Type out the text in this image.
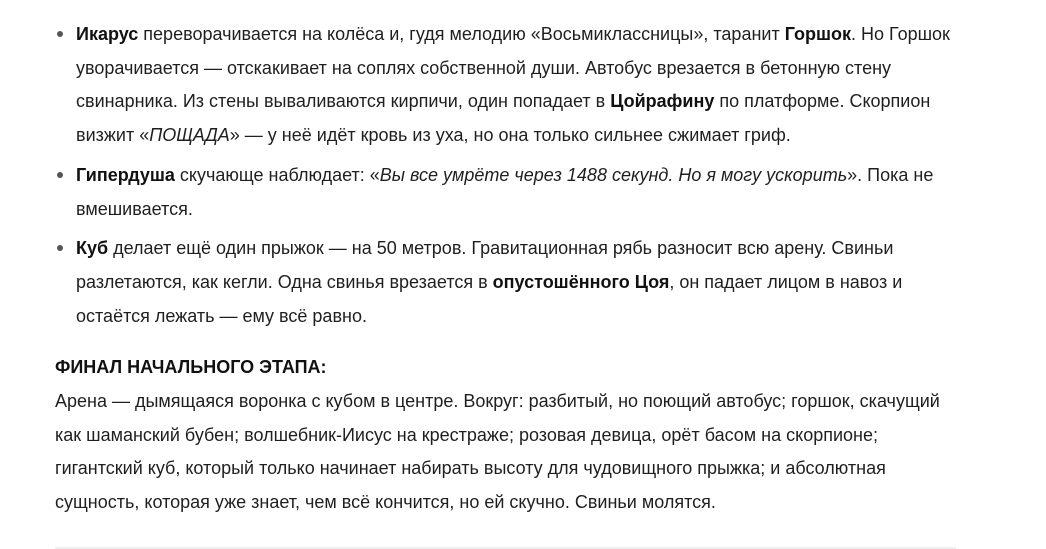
Икарус переворачивается на колёса и, гудя мелодию «Восьмиклассницы», таранит Горшок. Но Горшок уворачивается — отскакивает на соплях собственной души. Автобус врезается в бетонную стену свинарника. Из стены вываливаются кирпичи, один попадает в Цойрафину по платформе. Скорпион визжит «ПОЩАДА» — у неё идёт кровь из уха, но она только сильнее сжимает гриф.
Гипердуша скучающе наблюдает: «Вы все умрёте через 1488 секунд. Но я могу ускорить». Пока не вмешивается.
Куб делает ещё один прыжок — на 50 метров. Гравитационная рябь разносит всю арену. Свиньи разлетаются, как кегли. Одна свинья врезается в опустошённого Цоя, он падает лицом в навоз и остаётся лежать — ему всё равно.
ФИНАЛ НАЧАЛЬНОГО ЭТАПА:

Арена — дымящаяся воронка с кубом в центре. Вокруг: разбитый, но поющий автобус; горшок, скачущий как шаманский бубен; волшебник-Иисус на крестраже; розовая девица, орёт басом на скорпионе; гигантский куб, который только начинает набирать высоту для чудовищного прыжка; и абсолютная сущность, которая уже знает, чем всё кончится, но ей скучно. Свиньи молятся.
